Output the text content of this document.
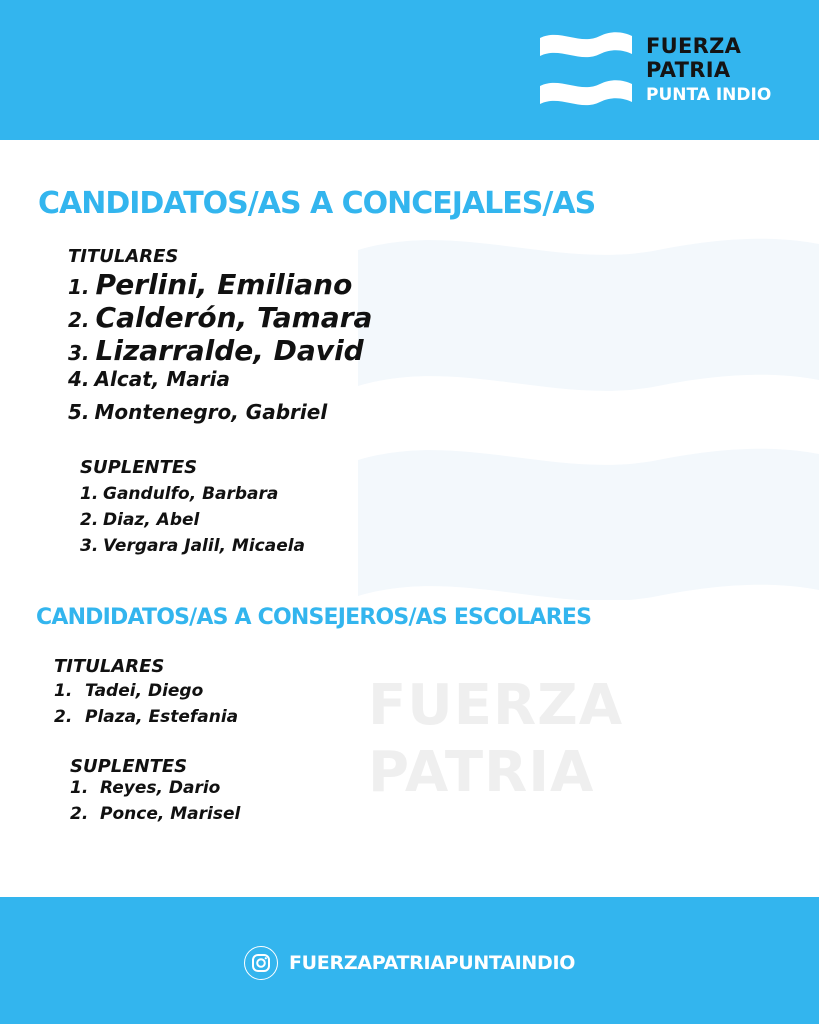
FUERZA
PATRIA
PUNTA INDIO
FUERZA
PATRIA
CANDIDATOS/AS A CONCEJALES/AS
TITULARES
1. Perlini, Emiliano
2. Calderón, Tamara
3. Lizarralde, David
4. Alcat, Maria
5. Montenegro, Gabriel
SUPLENTES
1. Gandulfo, Barbara
2. Diaz, Abel
3. Vergara Jalil, Micaela
CANDIDATOS/AS A CONSEJEROS/AS ESCOLARES
TITULARES
1. Tadei, Diego
2. Plaza, Estefania
SUPLENTES
1. Reyes, Dario
2. Ponce, Marisel
FUERZAPATRIAPUNTAINDIO
